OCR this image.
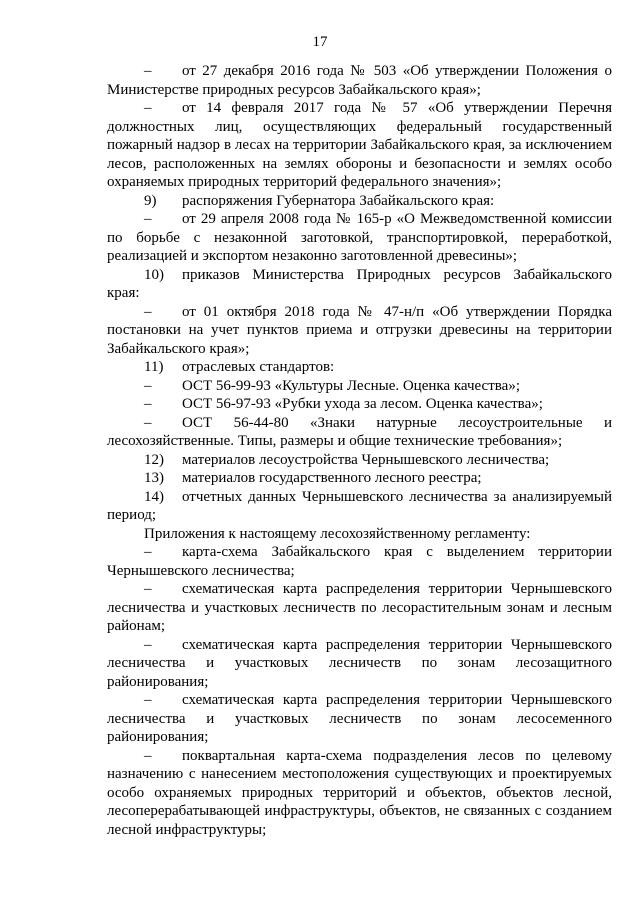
17

– от 27 декабря 2016 года № 503 «Об утверждении Положения о Министерстве природных ресурсов Забайкальского края»;

– от 14 февраля 2017 года № 57 «Об утверждении Перечня должностных лиц, осуществляющих федеральный государственный пожарный надзор в лесах на территории Забайкальского края, за исключением лесов, расположенных на землях обороны и безопасности и землях особо охраняемых природных территорий федерального значения»;

9) распоряжения Губернатора Забайкальского края:

– от 29 апреля 2008 года № 165-р «О Межведомственной комиссии по борьбе с незаконной заготовкой, транспортировкой, переработкой, реализацией и экспортом незаконно заготовленной древесины»;

10) приказов Министерства Природных ресурсов Забайкальского края:

– от 01 октября 2018 года № 47-н/п «Об утверждении Порядка постановки на учет пунктов приема и отгрузки древесины на территории Забайкальского края»;

11) отраслевых стандартов:

– ОСТ 56-99-93 «Культуры Лесные. Оценка качества»;

– ОСТ 56-97-93 «Рубки ухода за лесом. Оценка качества»;

– ОСТ 56-44-80 «Знаки натурные лесоустроительные и лесохозяйственные. Типы, размеры и общие технические требования»;

12) материалов лесоустройства Чернышевского лесничества;

13) материалов государственного лесного реестра;

14) отчетных данных Чернышевского лесничества за анализируемый период;

Приложения к настоящему лесохозяйственному регламенту:

– карта-схема Забайкальского края с выделением территории Чернышевского лесничества;

– схематическая карта распределения территории Чернышевского лесничества и участковых лесничеств по лесорастительным зонам и лесным районам;

– схематическая карта распределения территории Чернышевского лесничества и участковых лесничеств по зонам лесозащитного районирования;

– схематическая карта распределения территории Чернышевского лесничества и участковых лесничеств по зонам лесосеменного районирования;

– поквартальная карта-схема подразделения лесов по целевому назначению с нанесением местоположения существующих и проектируемых особо охраняемых природных территорий и объектов, объектов лесной, лесоперерабатывающей инфраструктуры, объектов, не связанных с созданием лесной инфраструктуры;
